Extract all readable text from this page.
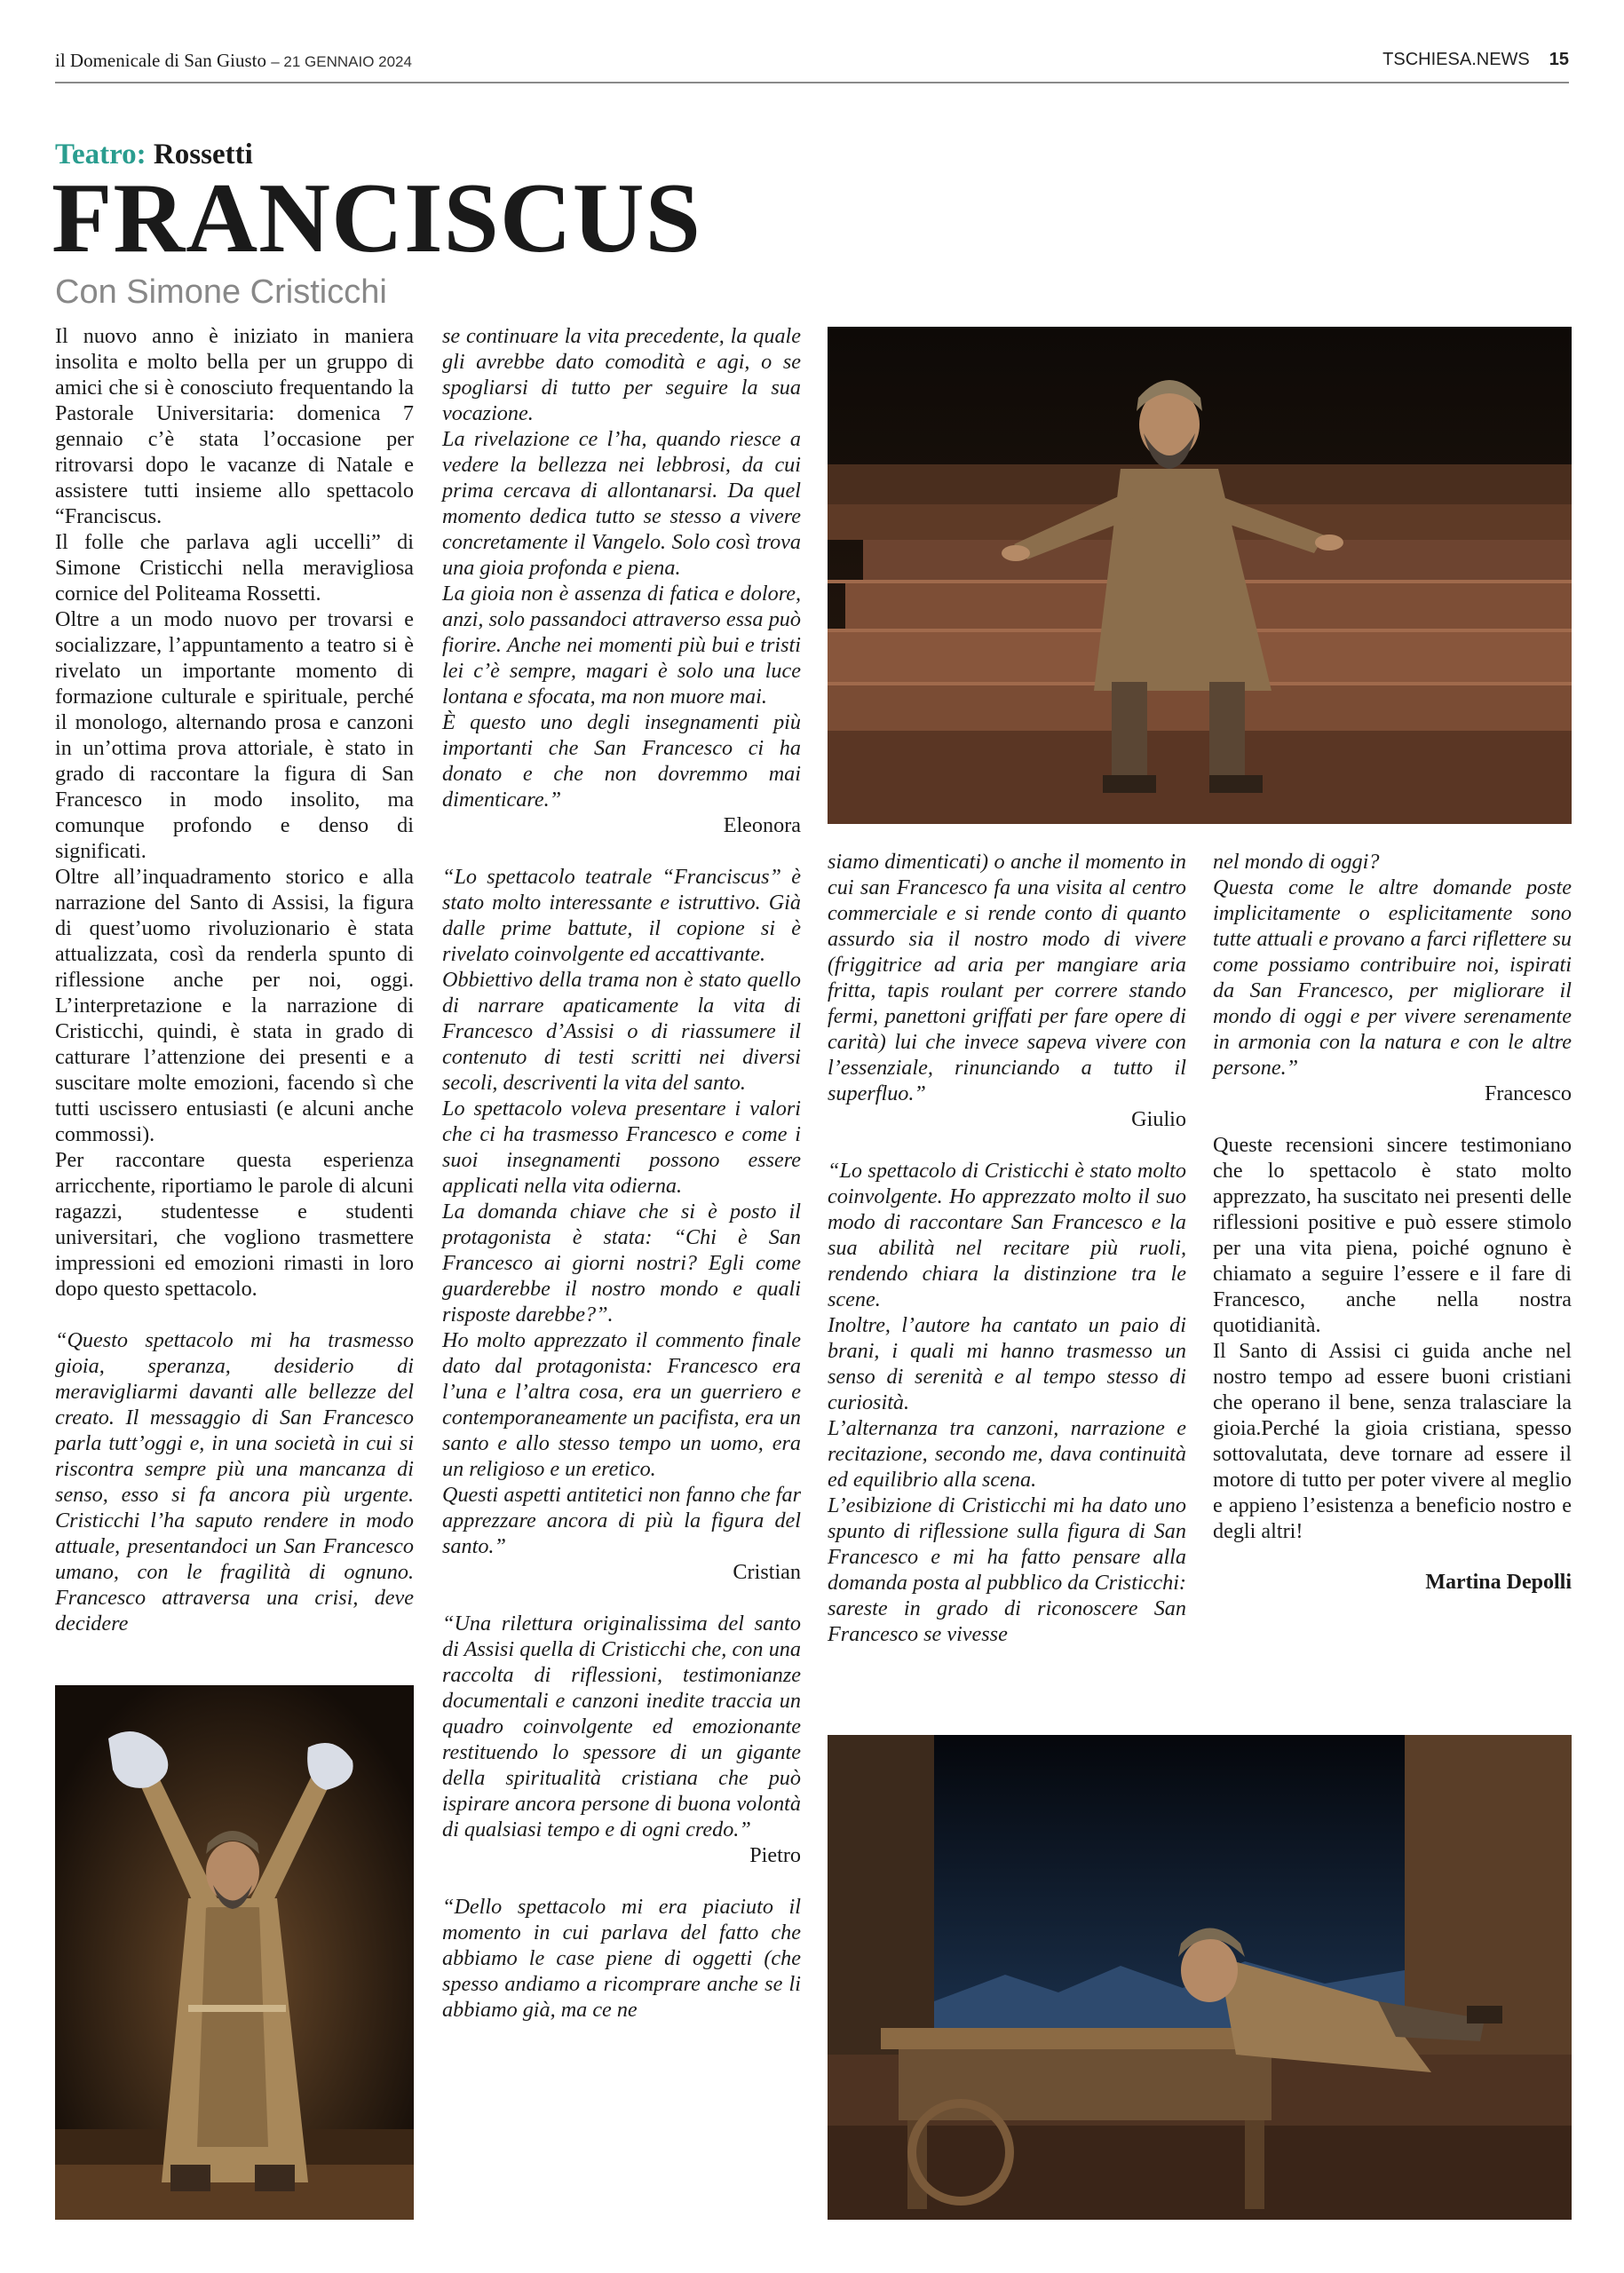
il Domenicale di San Giusto – 21 GENNAIO 2024	TSCHIESA.NEWS 15
Teatro: Rossetti
FRANCISCUS
Con Simone Cristicchi

Il nuovo anno è iniziato in maniera insolita e molto bella per un gruppo di amici che si è conosciuto frequentando la Pastorale Universitaria: domenica 7 gennaio c’è stata l’occasione per ritrovarsi dopo le vacanze di Natale e assistere tutti insieme allo spettacolo “Franciscus.

Il folle che parlava agli uccelli” di Simone Cristicchi nella meravigliosa cornice del Politeama Rossetti.

Oltre a un modo nuovo per trovarsi e socializzare, l’appuntamento a teatro si è rivelato un importante momento di formazione culturale e spirituale, perché il monologo, alternando prosa e canzoni in un’ottima prova attoriale, è stato in grado di raccontare la figura di San Francesco in modo insolito, ma comunque profondo e denso di significati.

Oltre all’inquadramento storico e alla narrazione del Santo di Assisi, la figura di quest’uomo rivoluzionario è stata attualizzata, così da renderla spunto di riflessione anche per noi, oggi. L’interpretazione e la narrazione di Cristicchi, quindi, è stata in grado di catturare l’attenzione dei presenti e a suscitare molte emozioni, facendo sì che tutti uscissero entusiasti (e alcuni anche commossi).

Per raccontare questa esperienza arricchente, riportiamo le parole di alcuni ragazzi, studentesse e studenti universitari, che vogliono trasmettere impressioni ed emozioni rimasti in loro dopo questo spettacolo.

“Questo spettacolo mi ha trasmesso gioia, speranza, desiderio di meravigliarmi davanti alle bellezze del creato. Il messaggio di San Francesco parla tutt’oggi e, in una società in cui si riscontra sempre più una mancanza di senso, esso si fa ancora più urgente. Cristicchi l’ha saputo rendere in modo attuale, presentandoci un San Francesco umano, con le fragilità di ognuno. Francesco attraversa una crisi, deve decidere

se continuare la vita precedente, la quale gli avrebbe dato comodità e agi, o se spogliarsi di tutto per seguire la sua vocazione.

La rivelazione ce l’ha, quando riesce a vedere la bellezza nei lebbrosi, da cui prima cercava di allontanarsi. Da quel momento dedica tutto se stesso a vivere concretamente il Vangelo. Solo così trova una gioia profonda e piena.

La gioia non è assenza di fatica e dolore, anzi, solo passandoci attraverso essa può fiorire. Anche nei momenti più bui e tristi lei c’è sempre, magari è solo una luce lontana e sfocata, ma non muore mai.

È questo uno degli insegnamenti più importanti che San Francesco ci ha donato e che non dovremmo mai dimenticare.”

Eleonora

“Lo spettacolo teatrale “Franciscus” è stato molto interessante e istruttivo. Già dalle prime battute, il copione si è rivelato coinvolgente ed accattivante.

Obbiettivo della trama non è stato quello di narrare apaticamente la vita di Francesco d’Assisi o di riassumere il contenuto di testi scritti nei diversi secoli, descriventi la vita del santo.

Lo spettacolo voleva presentare i valori che ci ha trasmesso Francesco e come i suoi insegnamenti possono essere applicati nella vita odierna.

La domanda chiave che si è posto il protagonista è stata: “Chi è San Francesco ai giorni nostri? Egli come guarderebbe il nostro mondo e quali risposte darebbe?”.

Ho molto apprezzato il commento finale dato dal protagonista: Francesco era l’una e l’altra cosa, era un guerriero e contemporaneamente un pacifista, era un santo e allo stesso tempo un uomo, era un religioso e un eretico.

Questi aspetti antitetici non fanno che far apprezzare ancora di più la figura del santo.”

Cristian

“Una rilettura originalissima del santo di Assisi quella di Cristicchi che, con una raccolta di riflessioni, testimonianze documentali e canzoni inedite traccia un quadro coinvolgente ed emozionante restituendo lo spessore di un gigante della spiritualità cristiana che può ispirare ancora persone di buona volontà di qualsiasi tempo e di ogni credo.”

Pietro

“Dello spettacolo mi era piaciuto il momento in cui parlava del fatto che abbiamo le case piene di oggetti (che spesso andiamo a ricomprare anche se li abbiamo già, ma ce ne

siamo dimenticati) o anche il momento in cui san Francesco fa una visita al centro commerciale e si rende conto di quanto assurdo sia il nostro modo di vivere (friggitrice ad aria per mangiare aria fritta, tapis roulant per correre stando fermi, panettoni griffati per fare opere di carità) lui che invece sapeva vivere con l’essenziale, rinunciando a tutto il superfluo.”

Giulio

“Lo spettacolo di Cristicchi è stato molto coinvolgente. Ho apprezzato molto il suo modo di raccontare San Francesco e la sua abilità nel recitare più ruoli, rendendo chiara la distinzione tra le scene.

Inoltre, l’autore ha cantato un paio di brani, i quali mi hanno trasmesso un senso di serenità e al tempo stesso di curiosità.

L’alternanza tra canzoni, narrazione e recitazione, secondo me, dava continuità ed equilibrio alla scena.

L’esibizione di Cristicchi mi ha dato uno spunto di riflessione sulla figura di San Francesco e mi ha fatto pensare alla domanda posta al pubblico da Cristicchi: sareste in grado di riconoscere San Francesco se vivesse

nel mondo di oggi?

Questa come le altre domande poste implicitamente o esplicitamente sono tutte attuali e provano a farci riflettere su come possiamo contribuire noi, ispirati da San Francesco, per migliorare il mondo di oggi e per vivere serenamente in armonia con la natura e con le altre persone.”

Francesco

Queste recensioni sincere testimoniano che lo spettacolo è stato molto apprezzato, ha suscitato nei presenti delle riflessioni positive e può essere stimolo per una vita piena, poiché ognuno è chiamato a seguire l’essere e il fare di Francesco, anche nella nostra quotidianità.

Il Santo di Assisi ci guida anche nel nostro tempo ad essere buoni cristiani che operano il bene, senza tralasciare la gioia.Perché la gioia cristiana, spesso sottovalutata, deve tornare ad essere il motore di tutto per poter vivere al meglio e appieno l’esistenza a beneficio nostro e degli altri!

Martina Depolli
